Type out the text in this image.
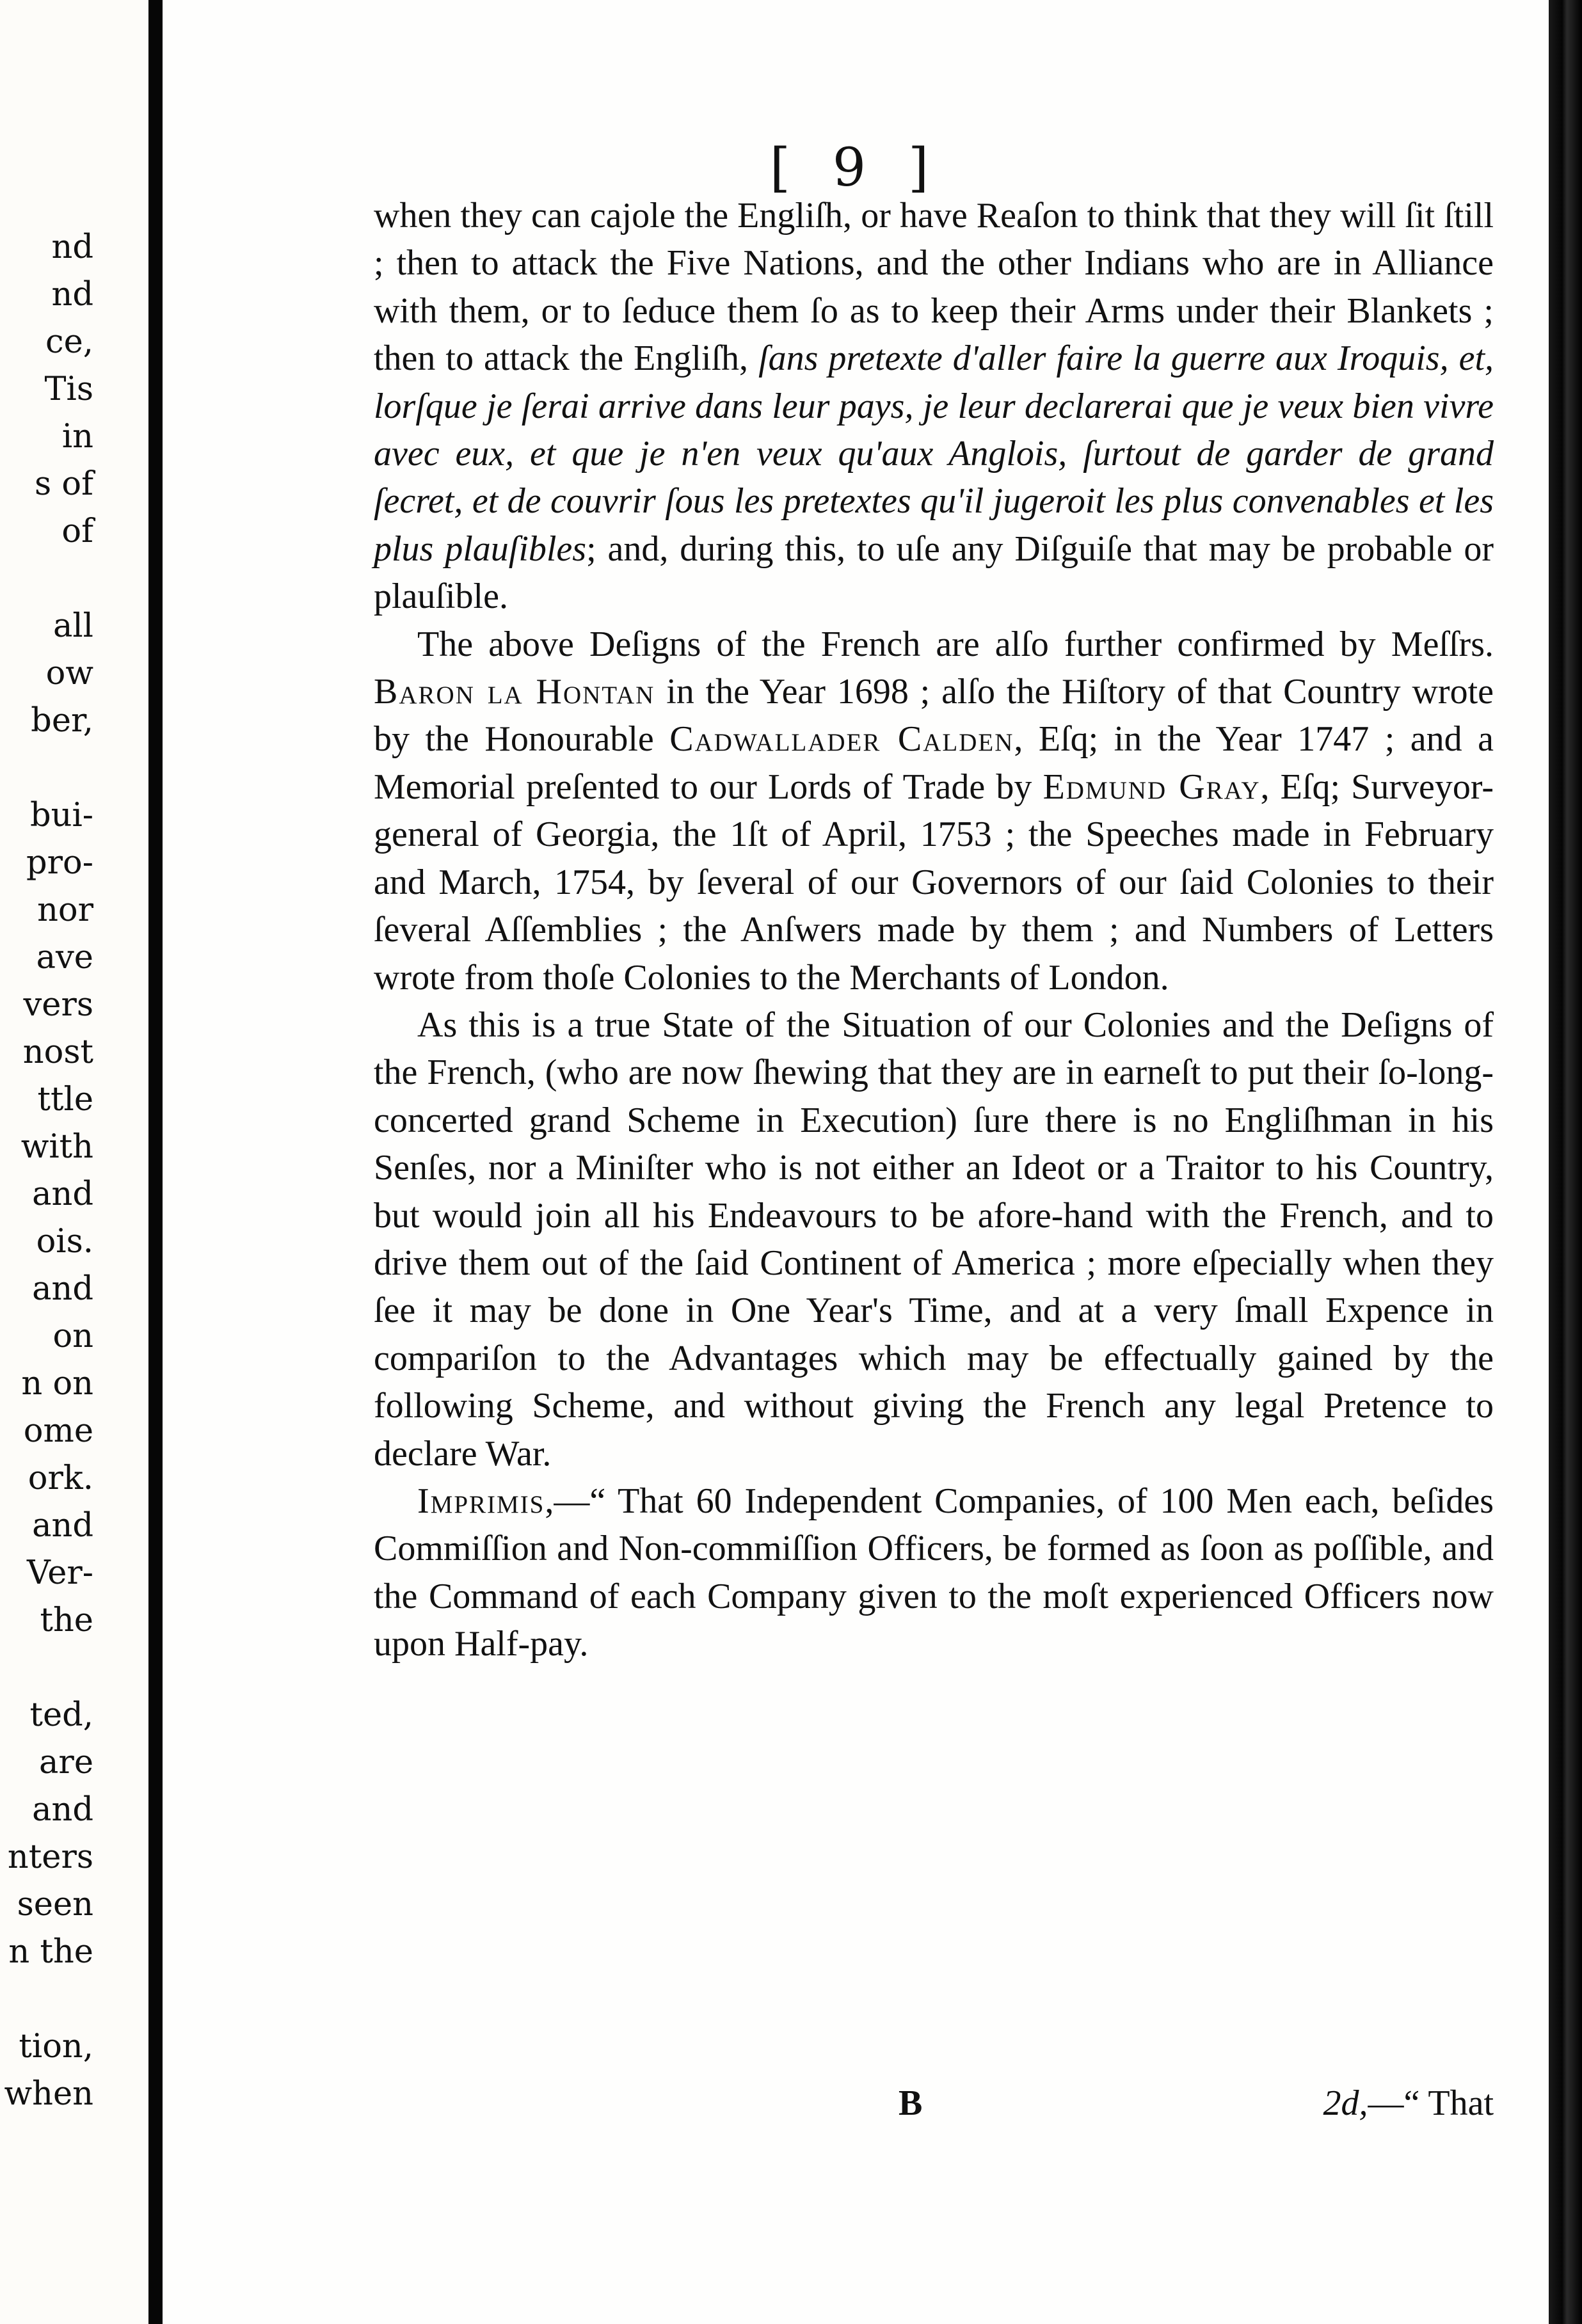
nd
nd
ce,
Tis
in
s of
of

all
ow
ber,

bui-
pro-
nor
ave
vers
nost
ttle
with
and
ois.
and
on
n on
ome
ork.
and
Ver-
the

ted,
are
and
nters
seen
n the

tion,
when
[ 9 ]

when they can cajole the Engliſh, or have Reaſon to think that they will ſit ſtill ; then to attack the Five Nations, and the other Indians who are in Alliance with them, or to ſeduce them ſo as to keep their Arms under their Blankets ; then to attack the Engliſh, ſans pretexte d'aller faire la guerre aux Iroquis, et, lorſque je ſerai arrive dans leur pays, je leur declarerai que je veux bien vivre avec eux, et que je n'en veux qu'aux Anglois, ſurtout de garder de grand ſecret, et de couvrir ſous les pretextes qu'il jugeroit les plus convenables et les plus plauſibles; and, during this, to uſe any Diſguiſe that may be probable or plauſible.

The above Deſigns of the French are alſo further confirmed by Meſſrs. Baron la Hontan in the Year 1698 ; alſo the Hiſtory of that Country wrote by the Honourable Cadwallader Calden, Eſq; in the Year 1747 ; and a Memorial preſented to our Lords of Trade by Edmund Gray, Eſq; Surveyor-general of Georgia, the 1ſt of April, 1753 ; the Speeches made in February and March, 1754, by ſeveral of our Governors of our ſaid Colonies to their ſeveral Aſſemblies ; the Anſwers made by them ; and Numbers of Letters wrote from thoſe Colonies to the Merchants of London.

As this is a true State of the Situation of our Colonies and the Deſigns of the French, (who are now ſhewing that they are in earneſt to put their ſo-long-concerted grand Scheme in Execution) ſure there is no Engliſhman in his Senſes, nor a Miniſter who is not either an Ideot or a Traitor to his Country, but would join all his Endeavours to be afore-hand with the French, and to drive them out of the ſaid Continent of America ; more eſpecially when they ſee it may be done in One Year's Time, and at a very ſmall Expence in compariſon to the Advantages which may be effectually gained by the following Scheme, and without giving the French any legal Pretence to declare War.

Imprimis,—“ That 60 Independent Companies, of 100 Men each, beſides Commiſſion and Non-commiſſion Officers, be formed as ſoon as poſſible, and the Command of each Company given to the moſt experienced Officers now upon Half-pay.

B	2d,—“ That
